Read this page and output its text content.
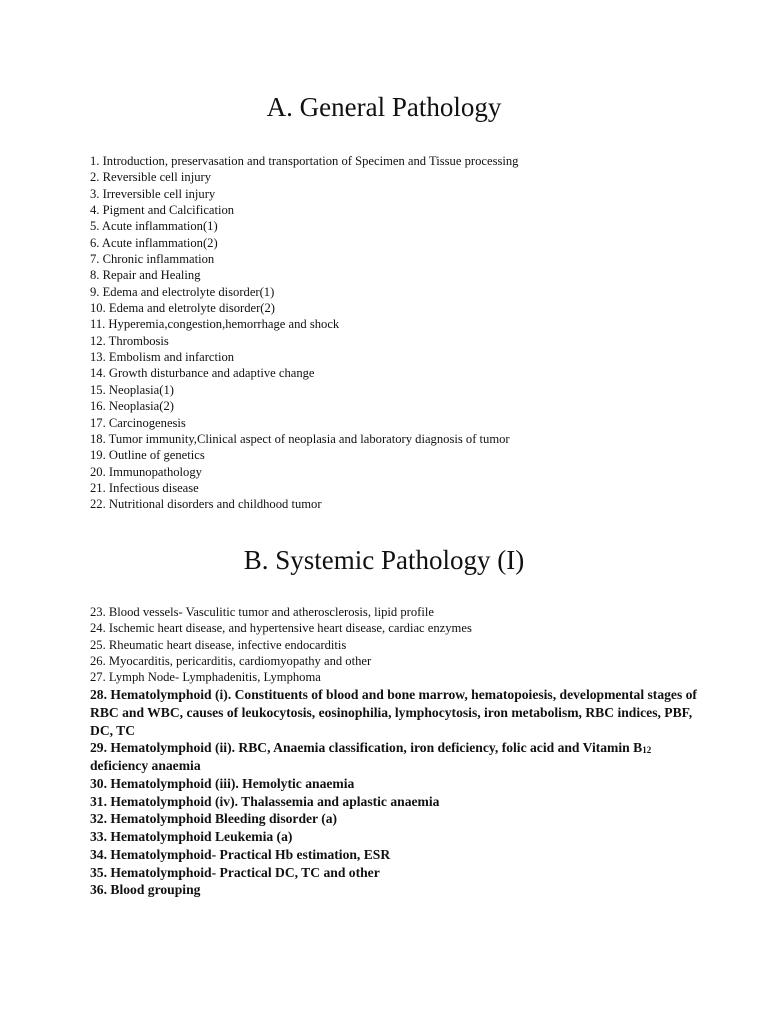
A. General Pathology
1. Introduction, preservasation and transportation of Specimen and Tissue processing
2. Reversible cell injury
3. Irreversible cell injury
4. Pigment and Calcification
5. Acute inflammation(1)
6. Acute inflammation(2)
7. Chronic inflammation
8. Repair and Healing
9. Edema and electrolyte disorder(1)
10. Edema and eletrolyte disorder(2)
11. Hyperemia,congestion,hemorrhage and shock
12. Thrombosis
13. Embolism and infarction
14. Growth disturbance and adaptive change
15. Neoplasia(1)
16. Neoplasia(2)
17. Carcinogenesis
18. Tumor immunity,Clinical aspect of neoplasia and laboratory diagnosis of tumor
19. Outline of genetics
20. Immunopathology
21. Infectious disease
22. Nutritional disorders and childhood tumor
B. Systemic Pathology (I)
23. Blood vessels- Vasculitic tumor and atherosclerosis, lipid profile
24. Ischemic heart disease, and hypertensive heart disease, cardiac enzymes
25. Rheumatic heart disease, infective endocarditis
26. Myocarditis, pericarditis, cardiomyopathy and other
27. Lymph Node- Lymphadenitis, Lymphoma
28. Hematolymphoid (i). Constituents of blood and bone marrow, hematopoiesis, developmental stages of RBC and WBC, causes of leukocytosis, eosinophilia, lymphocytosis, iron metabolism, RBC indices, PBF, DC, TC
29. Hematolymphoid (ii). RBC, Anaemia classification, iron deficiency, folic acid and Vitamin $B_{12}$ deficiency anaemia
30. Hematolymphoid (iii). Hemolytic anaemia
31. Hematolymphoid (iv). Thalassemia and aplastic anaemia
32. Hematolymphoid Bleeding disorder (a)
33. Hematolymphoid Leukemia (a)
34. Hematolymphoid- Practical Hb estimation, ESR
35. Hematolymphoid- Practical DC, TC and other
36. Blood grouping
